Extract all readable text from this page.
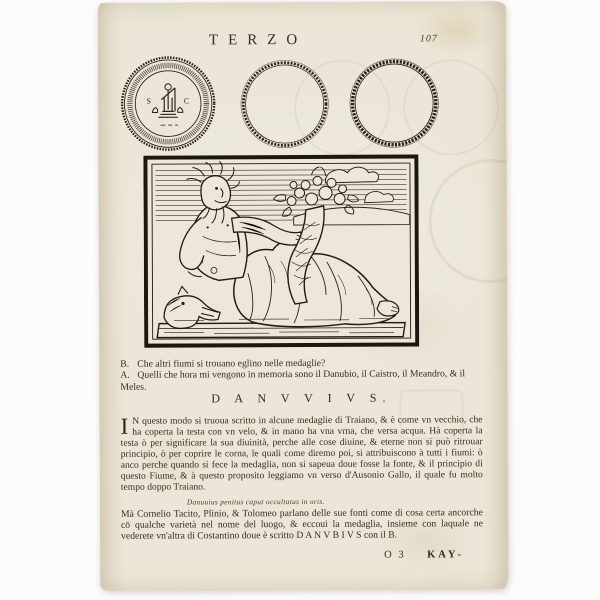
TERZO	107
S	C

B. Che altri fiumi si trouano eglino nelle medaglie?

A. Quelli che hora mi vengono in memoria sono il Danubio, il Caistro, il Meandro, & il Meles.

D A N V V I V S.
I N questo modo si truoua scritto in alcune medaglie di Traiano, & è come vn vecchio, che ha coperta la testa con vn velo, & in mano ha vna vrna, che versa acqua. Hà coperta la testa ò per significare la sua diuinità, perche alle cose diuine, & eterne non si può ritrouar principio, ò per coprire le corna, le quali come diremo poi, si attribuiscono à tutti i fiumi: ò anco perche quando si fece la medaglia, non si sapeua doue fosse la fonte, & il principio di questo Fiume, & à questo proposito leggiamo vn verso d'Ausonio Gallo, il quale fu molto tempo doppo Traiano.
Danuuius penitus caput occultatus in oris.
Mà Cornelio Tacito, Plinio, & Tolomeo parlano delle sue fonti come di cosa certa ancorche cō qualche varietà nel nome del luogo, & eccoui la medaglia, insieme con laquale ne vederete vn'altra di Costantino doue è scritto D A N V B I V S con il B.
O 3 KAY-
